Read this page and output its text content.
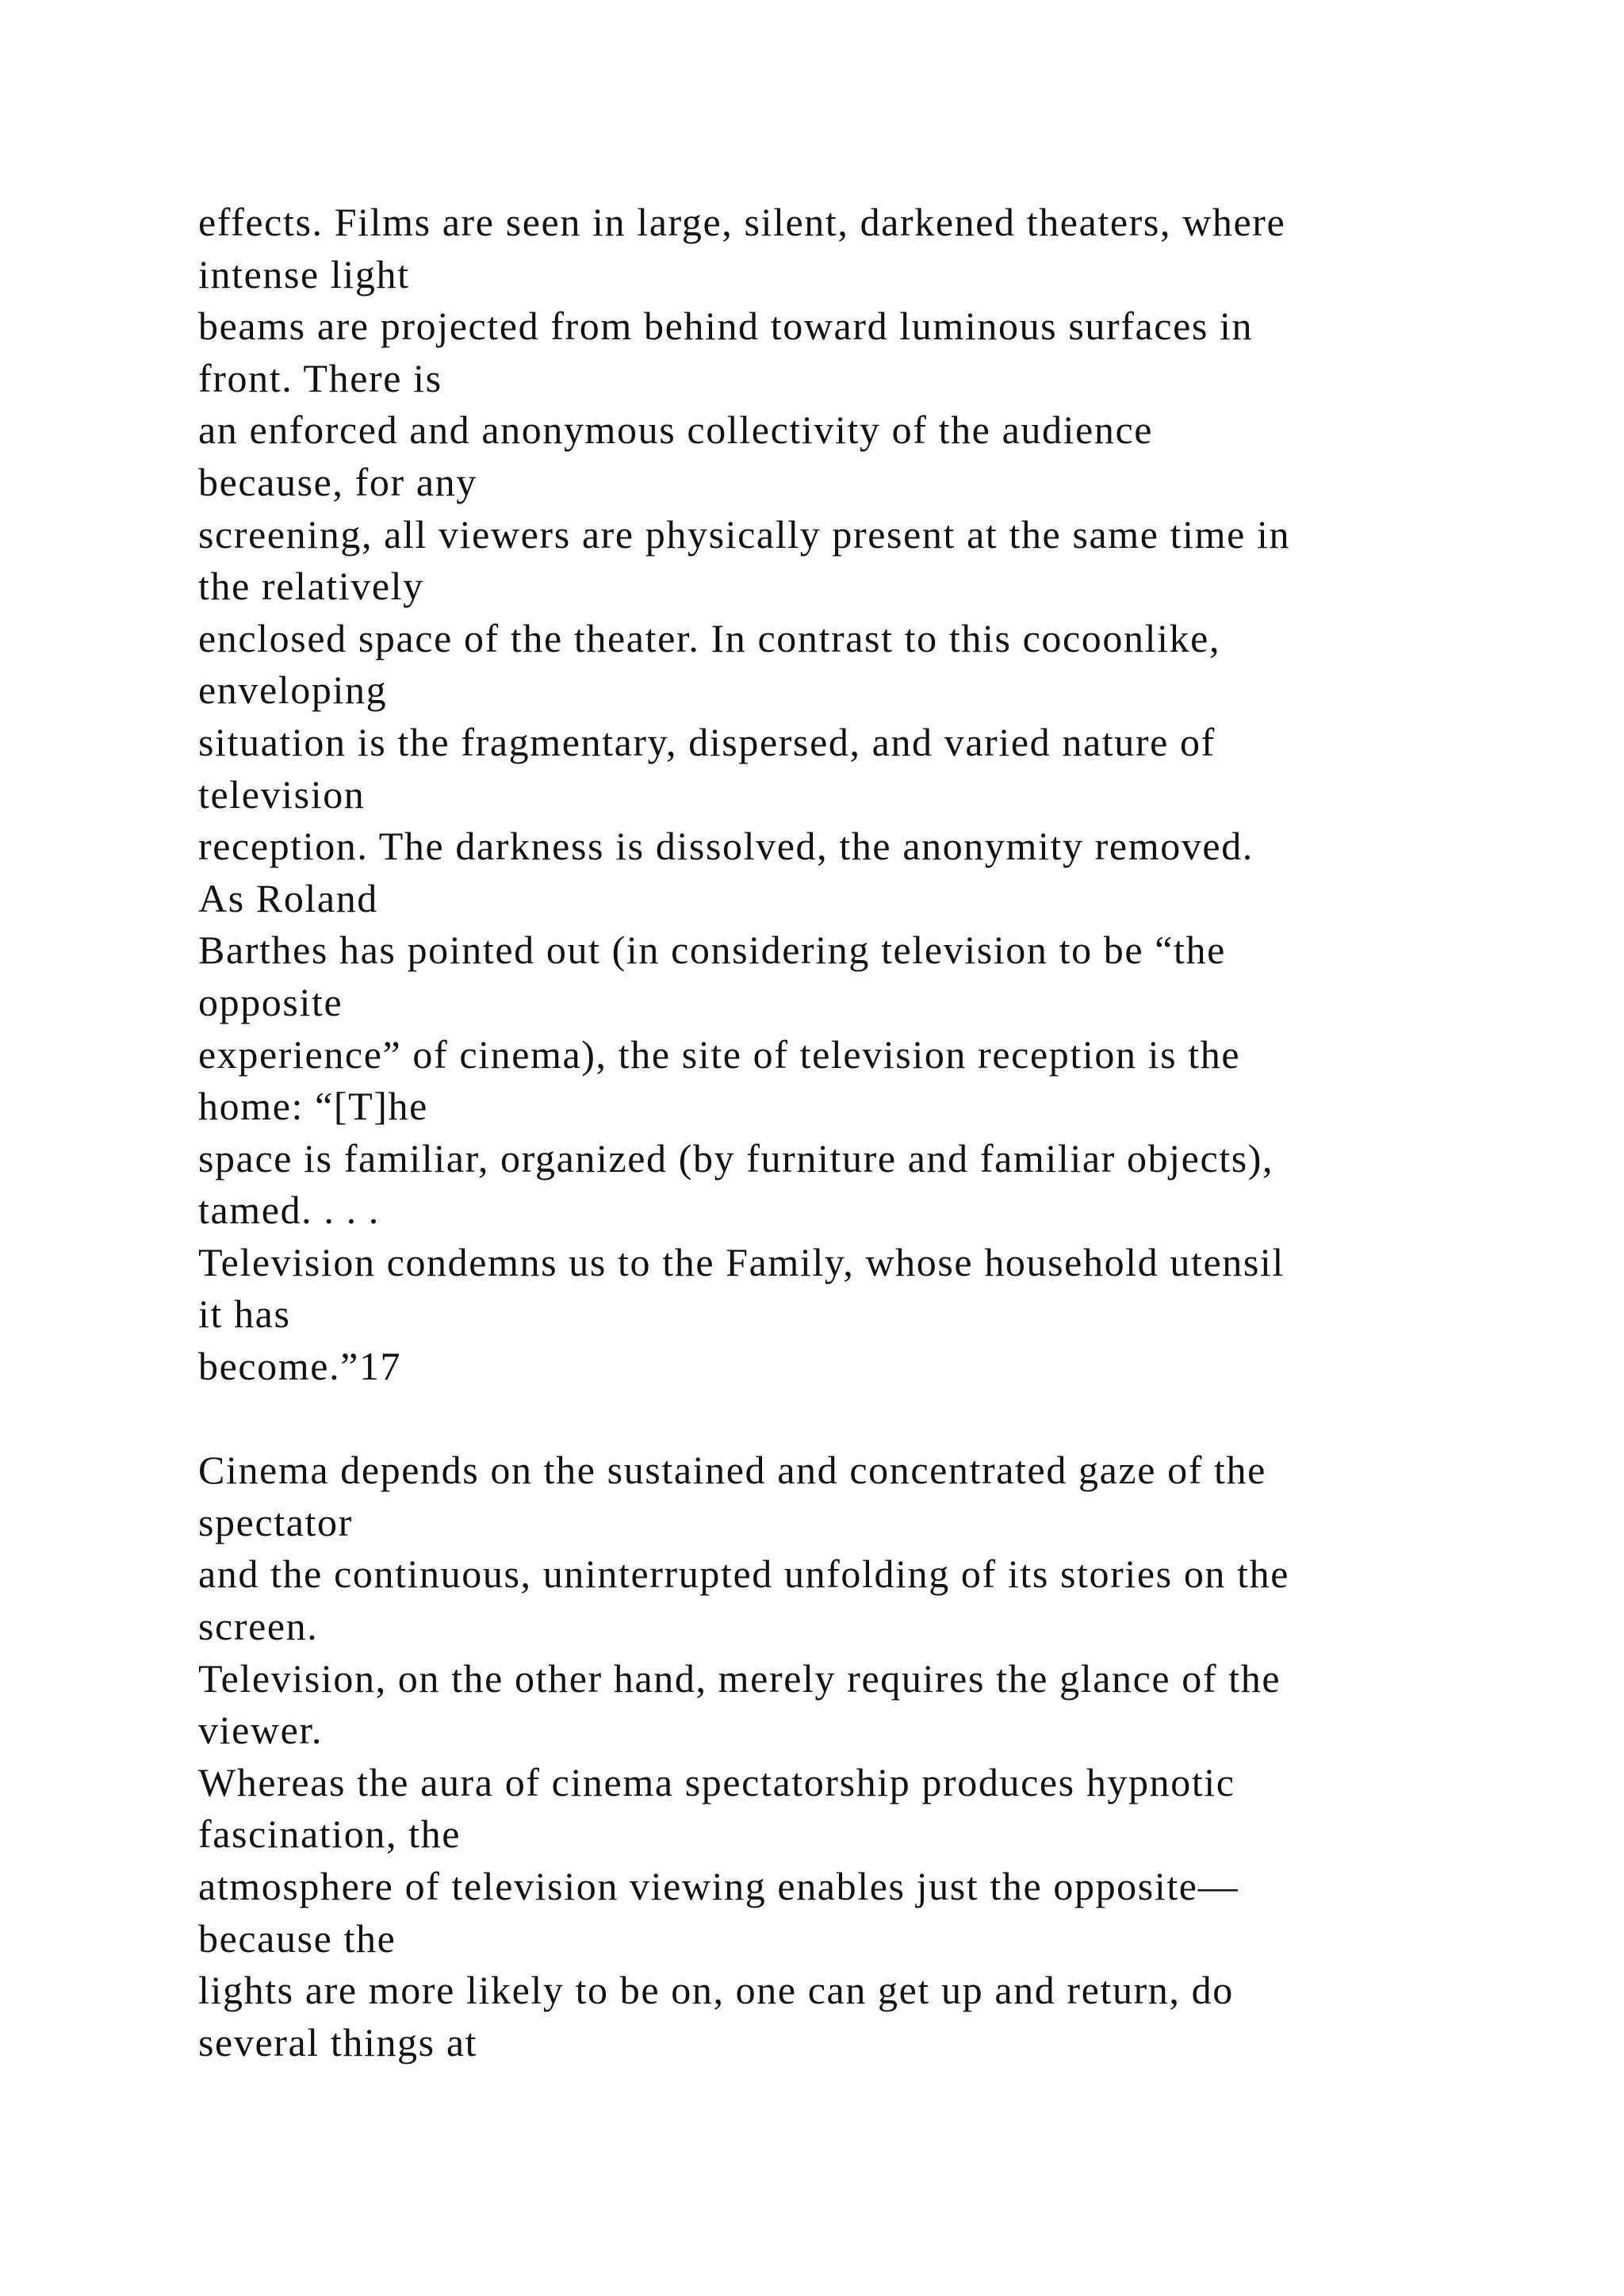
effects. Films are seen in large, silent, darkened theaters, where
intense light
beams are projected from behind toward luminous surfaces in
front. There is
an enforced and anonymous collectivity of the audience
because, for any
screening, all viewers are physically present at the same time in
the relatively
enclosed space of the theater. In contrast to this cocoonlike,
enveloping
situation is the fragmentary, dispersed, and varied nature of
television
reception. The darkness is dissolved, the anonymity removed.
As Roland
Barthes has pointed out (in considering television to be “the
opposite
experience” of cinema), the site of television reception is the
home: “[T]he
space is familiar, organized (by furniture and familiar objects),
tamed. . . .
Television condemns us to the Family, whose household utensil
it has
become.”17
Cinema depends on the sustained and concentrated gaze of the
spectator
and the continuous, uninterrupted unfolding of its stories on the
screen.
Television, on the other hand, merely requires the glance of the
viewer.
Whereas the aura of cinema spectatorship produces hypnotic
fascination, the
atmosphere of television viewing enables just the opposite—
because the
lights are more likely to be on, one can get up and return, do
several things at
